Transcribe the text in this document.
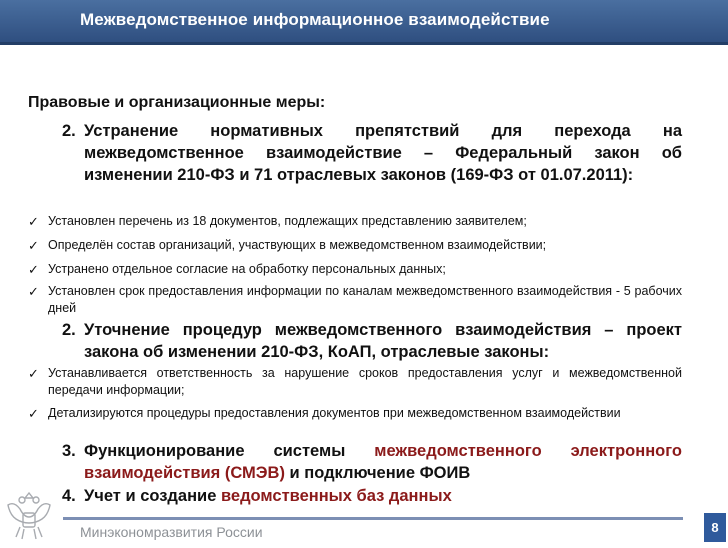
Межведомственное информационное взаимодействие
Правовые и организационные меры:
2. Устранение нормативных препятствий для перехода на межведомственное взаимодействие – Федеральный закон об изменении 210-ФЗ и 71 отраслевых законов (169-ФЗ от 01.07.2011):
✓ Установлен перечень из 18 документов, подлежащих представлению заявителем;
✓ Определён состав организаций, участвующих в межведомственном взаимодействии;
✓ Устранено отдельное согласие на обработку персональных данных;
✓ Установлен срок предоставления информации по каналам межведомственного взаимодействия - 5 рабочих дней
2. Уточнение процедур межведомственного взаимодействия – проект закона об изменении 210-ФЗ, КоАП, отраслевые законы:
✓ Устанавливается ответственность за нарушение сроков предоставления услуг и межведомственной передачи информации;
✓ Детализируются процедуры предоставления документов при межведомственном взаимодействии
3. Функционирование системы межведомственного электронного взаимодействия (СМЭВ) и подключение ФОИВ
4. Учет и создание ведомственных баз данных
Минэкономразвития России	8
